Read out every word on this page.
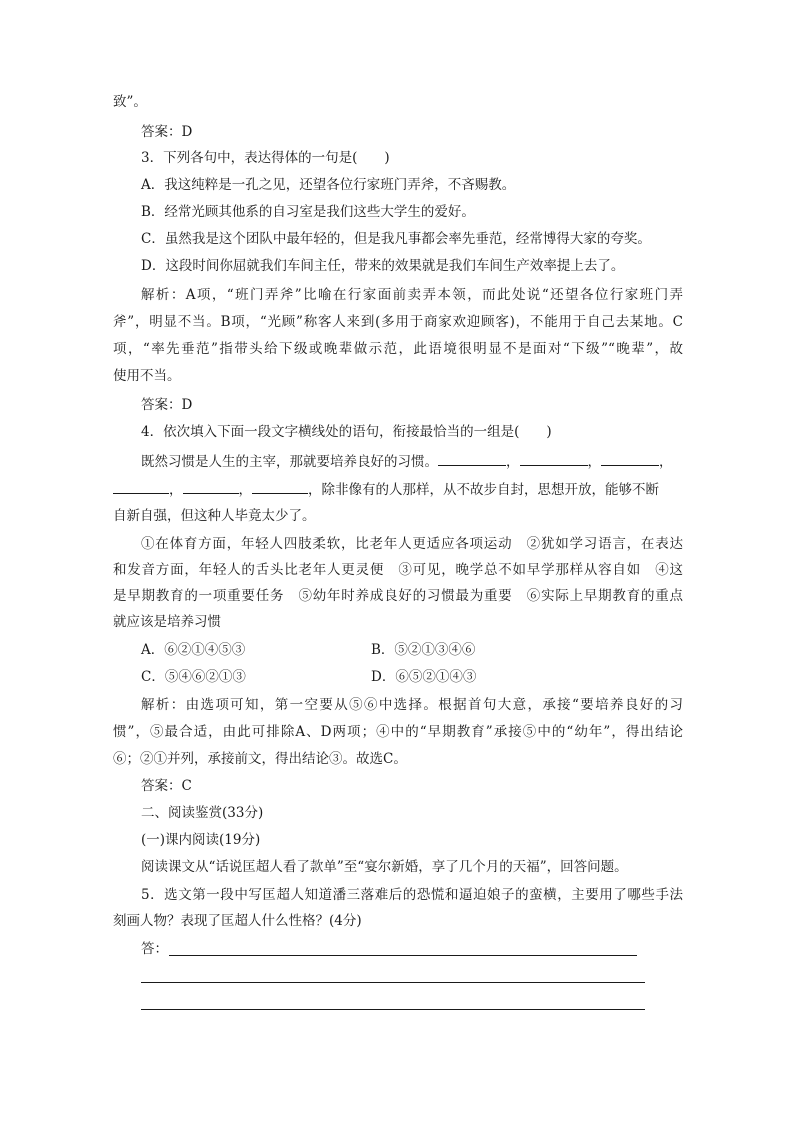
致”。
答案：D
3．下列各句中，表达得体的一句是(　　)
A．我这纯粹是一孔之见，还望各位行家班门弄斧，不吝赐教。
B．经常光顾其他系的自习室是我们这些大学生的爱好。
C．虽然我是这个团队中最年轻的，但是我凡事都会率先垂范，经常博得大家的夸奖。
D．这段时间你屈就我们车间主任，带来的效果就是我们车间生产效率提上去了。
解析：A项，“班门弄斧”比喻在行家面前卖弄本领，而此处说“还望各位行家班门弄
斧”，明显不当。B项，“光顾”称客人来到(多用于商家欢迎顾客)，不能用于自己去某地。C
项，“率先垂范”指带头给下级或晚辈做示范，此语境很明显不是面对“下级”“晚辈”，故
使用不当。
答案：D
4．依次填入下面一段文字横线处的语句，衔接最恰当的一组是(　　)
既然习惯是人生的主宰，那就要培养良好的习惯。	，	，	，
，	，	，除非像有的人那样，从不故步自封，思想开放，能够不断
自新自强，但这种人毕竟太少了。
①在体育方面，年轻人四肢柔软，比老年人更适应各项运动　②犹如学习语言，在表达
和发音方面，年轻人的舌头比老年人更灵便　③可见，晚学总不如早学那样从容自如　④这
是早期教育的一项重要任务　⑤幼年时养成良好的习惯最为重要　⑥实际上早期教育的重点
就应该是培养习惯
A．⑥②①④⑤③	B．⑤②①③④⑥
C．⑤④⑥②①③	D．⑥⑤②①④③
解析：由选项可知，第一空要从⑤⑥中选择。根据首句大意，承接“要培养良好的习
惯”，⑤最合适，由此可排除A、D两项；④中的“早期教育”承接⑤中的“幼年”，得出结论
⑥；②①并列，承接前文，得出结论③。故选C。
答案：C
二、阅读鉴赏(33分)
(一)课内阅读(19分)
阅读课文从“话说匡超人看了款单”至“宴尔新婚，享了几个月的天福”，回答问题。
5．选文第一段中写匡超人知道潘三落难后的恐慌和逼迫娘子的蛮横，主要用了哪些手法
刻画人物？表现了匡超人什么性格？(4分)
答：
